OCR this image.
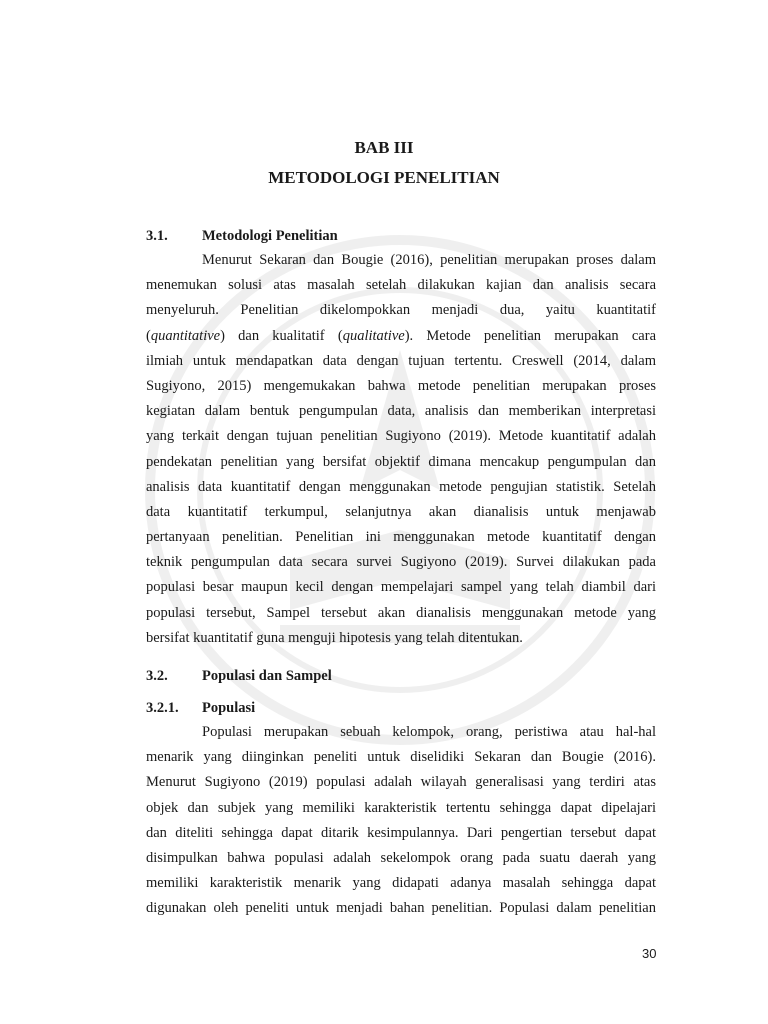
BAB III
METODOLOGI PENELITIAN
3.1. Metodologi Penelitian
Menurut Sekaran dan Bougie (2016), penelitian merupakan proses dalam
menemukan solusi atas masalah setelah dilakukan kajian dan analisis secara
menyeluruh. Penelitian dikelompokkan menjadi dua, yaitu kuantitatif
(quantitative) dan kualitatif (qualitative). Metode penelitian merupakan cara
ilmiah untuk mendapatkan data dengan tujuan tertentu. Creswell (2014, dalam
Sugiyono, 2015) mengemukakan bahwa metode penelitian merupakan proses
kegiatan dalam bentuk pengumpulan data, analisis dan memberikan interpretasi
yang terkait dengan tujuan penelitian Sugiyono (2019). Metode kuantitatif adalah
pendekatan penelitian yang bersifat objektif dimana mencakup pengumpulan dan
analisis data kuantitatif dengan menggunakan metode pengujian statistik. Setelah
data kuantitatif terkumpul, selanjutnya akan dianalisis untuk menjawab
pertanyaan penelitian. Penelitian ini menggunakan metode kuantitatif dengan
teknik pengumpulan data secara survei Sugiyono (2019). Survei dilakukan pada
populasi besar maupun kecil dengan mempelajari sampel yang telah diambil dari
populasi tersebut, Sampel tersebut akan dianalisis menggunakan metode yang
bersifat kuantitatif guna menguji hipotesis yang telah ditentukan.
3.2. Populasi dan Sampel
3.2.1. Populasi
Populasi merupakan sebuah kelompok, orang, peristiwa atau hal-hal
menarik yang diinginkan peneliti untuk diselidiki Sekaran dan Bougie (2016).
Menurut Sugiyono (2019) populasi adalah wilayah generalisasi yang terdiri atas
objek dan subjek yang memiliki karakteristik tertentu sehingga dapat dipelajari
dan diteliti sehingga dapat ditarik kesimpulannya. Dari pengertian tersebut dapat
disimpulkan bahwa populasi adalah sekelompok orang pada suatu daerah yang
memiliki karakteristik menarik yang didapati adanya masalah sehingga dapat
digunakan oleh peneliti untuk menjadi bahan penelitian. Populasi dalam penelitian
30
